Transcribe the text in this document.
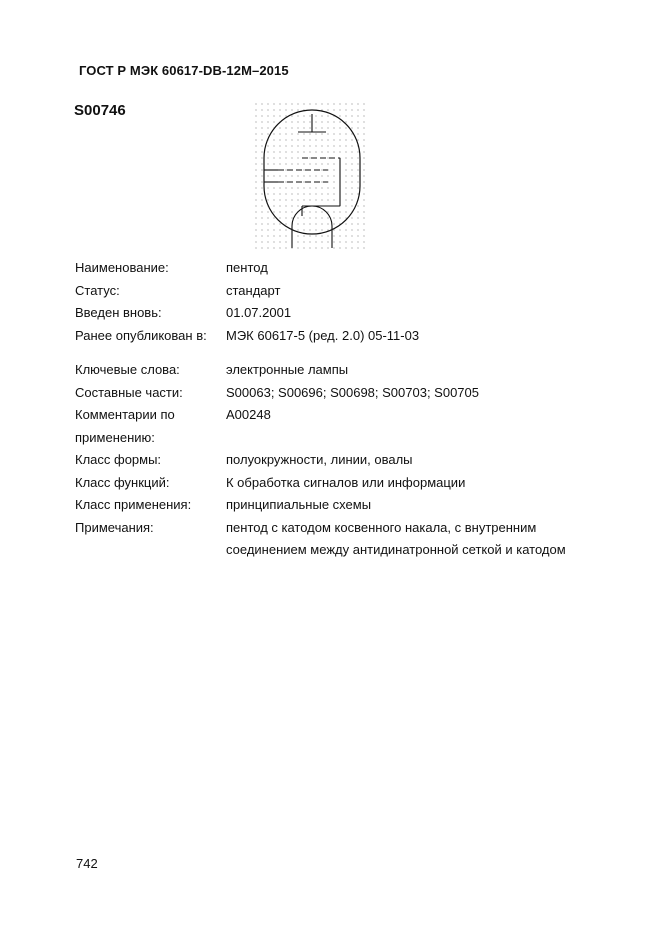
ГОСТ Р МЭК 60617-DB-12M–2015
S00746
Наименование:	пентод
Статус:	стандарт
Введен вновь:	01.07.2001
Ранее опубликован в:	МЭК 60617-5 (ред. 2.0) 05-11-03
Ключевые слова:	электронные лампы
Составные части:	S00063; S00696; S00698; S00703; S00705
Комментарии по	A00248
применению:
Класс формы:	полуокружности, линии, овалы
Класс функций:	К обработка сигналов или информации
Класс применения:	принципиальные схемы
Примечания:	пентод с катодом косвенного накала, с внутренним
соединением между антидинатронной сеткой и катодом
742
